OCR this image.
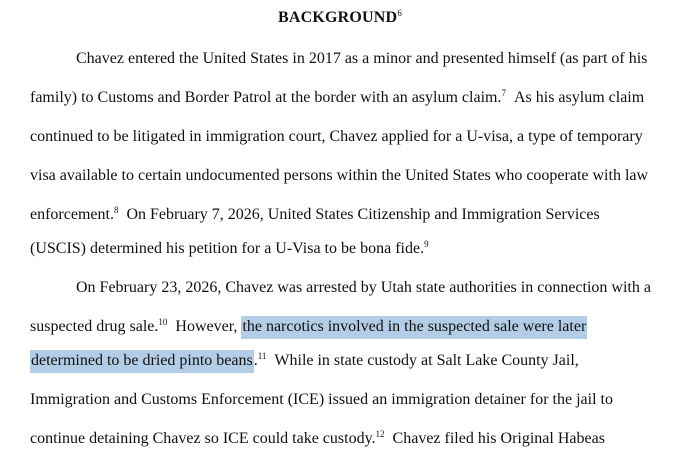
BACKGROUND$^6$
Chavez entered the United States in 2017 as a minor and presented himself (as part of his
family) to Customs and Border Patrol at the border with an asylum claim.$^7$ As his asylum claim
continued to be litigated in immigration court, Chavez applied for a U-visa, a type of temporary
visa available to certain undocumented persons within the United States who cooperate with law
enforcement.$^8$ On February 7, 2026, United States Citizenship and Immigration Services
(USCIS) determined his petition for a U-Visa to be bona fide.$^9$
On February 23, 2026, Chavez was arrested by Utah state authorities in connection with a
suspected drug sale.$^{10}$ However, the narcotics involved in the suspected sale were later
determined to be dried pinto beans.$^{11}$ While in state custody at Salt Lake County Jail,
Immigration and Customs Enforcement (ICE) issued an immigration detainer for the jail to
continue detaining Chavez so ICE could take custody.$^{12}$ Chavez filed his Original Habeas
